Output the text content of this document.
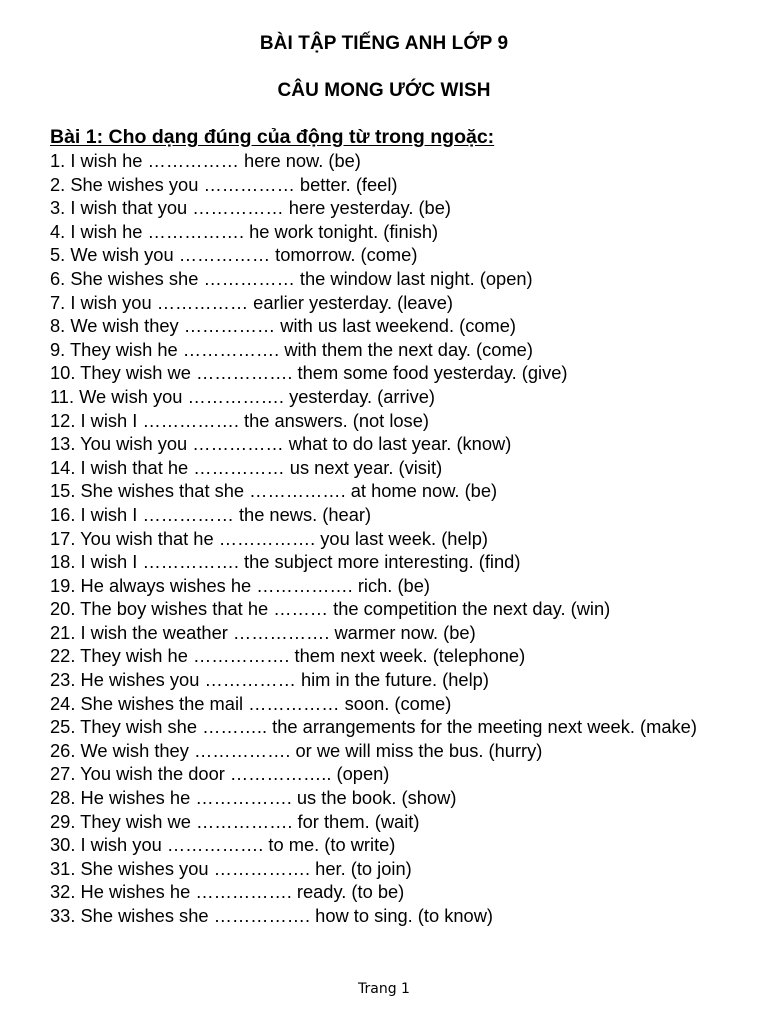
BÀI TẬP TIẾNG ANH LỚP 9
CÂU MONG ƯỚC WISH
Bài 1: Cho dạng đúng của động từ trong ngoặc:
1. I wish he …………… here now. (be)
2. She wishes you …………… better. (feel)
3. I wish that you …………… here yesterday. (be)
4. I wish he ……………. he work tonight. (finish)
5. We wish you …………… tomorrow. (come)
6. She wishes she …………… the window last night. (open)
7. I wish you …………… earlier yesterday. (leave)
8. We wish they …………… with us last weekend. (come)
9. They wish he ……………. with them the next day. (come)
10. They wish we ……………. them some food yesterday. (give)
11. We wish you ……………. yesterday. (arrive)
12. I wish I ……………. the answers. (not lose)
13. You wish you …………… what to do last year. (know)
14. I wish that he …………… us next year. (visit)
15. She wishes that she ……………. at home now. (be)
16. I wish I …………… the news. (hear)
17. You wish that he ……………. you last week. (help)
18. I wish I ……………. the subject more interesting. (find)
19. He always wishes he ……………. rich. (be)
20. The boy wishes that he ……… the competition the next day. (win)
21. I wish the weather ……………. warmer now. (be)
22. They wish he ……………. them next week. (telephone)
23. He wishes you …………… him in the future. (help)
24. She wishes the mail …………… soon. (come)
25. They wish she ……….. the arrangements for the meeting next week. (make)
26. We wish they ……………. or we will miss the bus. (hurry)
27. You wish the door …………….. (open)
28. He wishes he ……………. us the book. (show)
29. They wish we ……………. for them. (wait)
30. I wish you ……………. to me. (to write)
31. She wishes you ……………. her. (to join)
32. He wishes he ……………. ready. (to be)
33. She wishes she ……………. how to sing. (to know)
Trang 1
